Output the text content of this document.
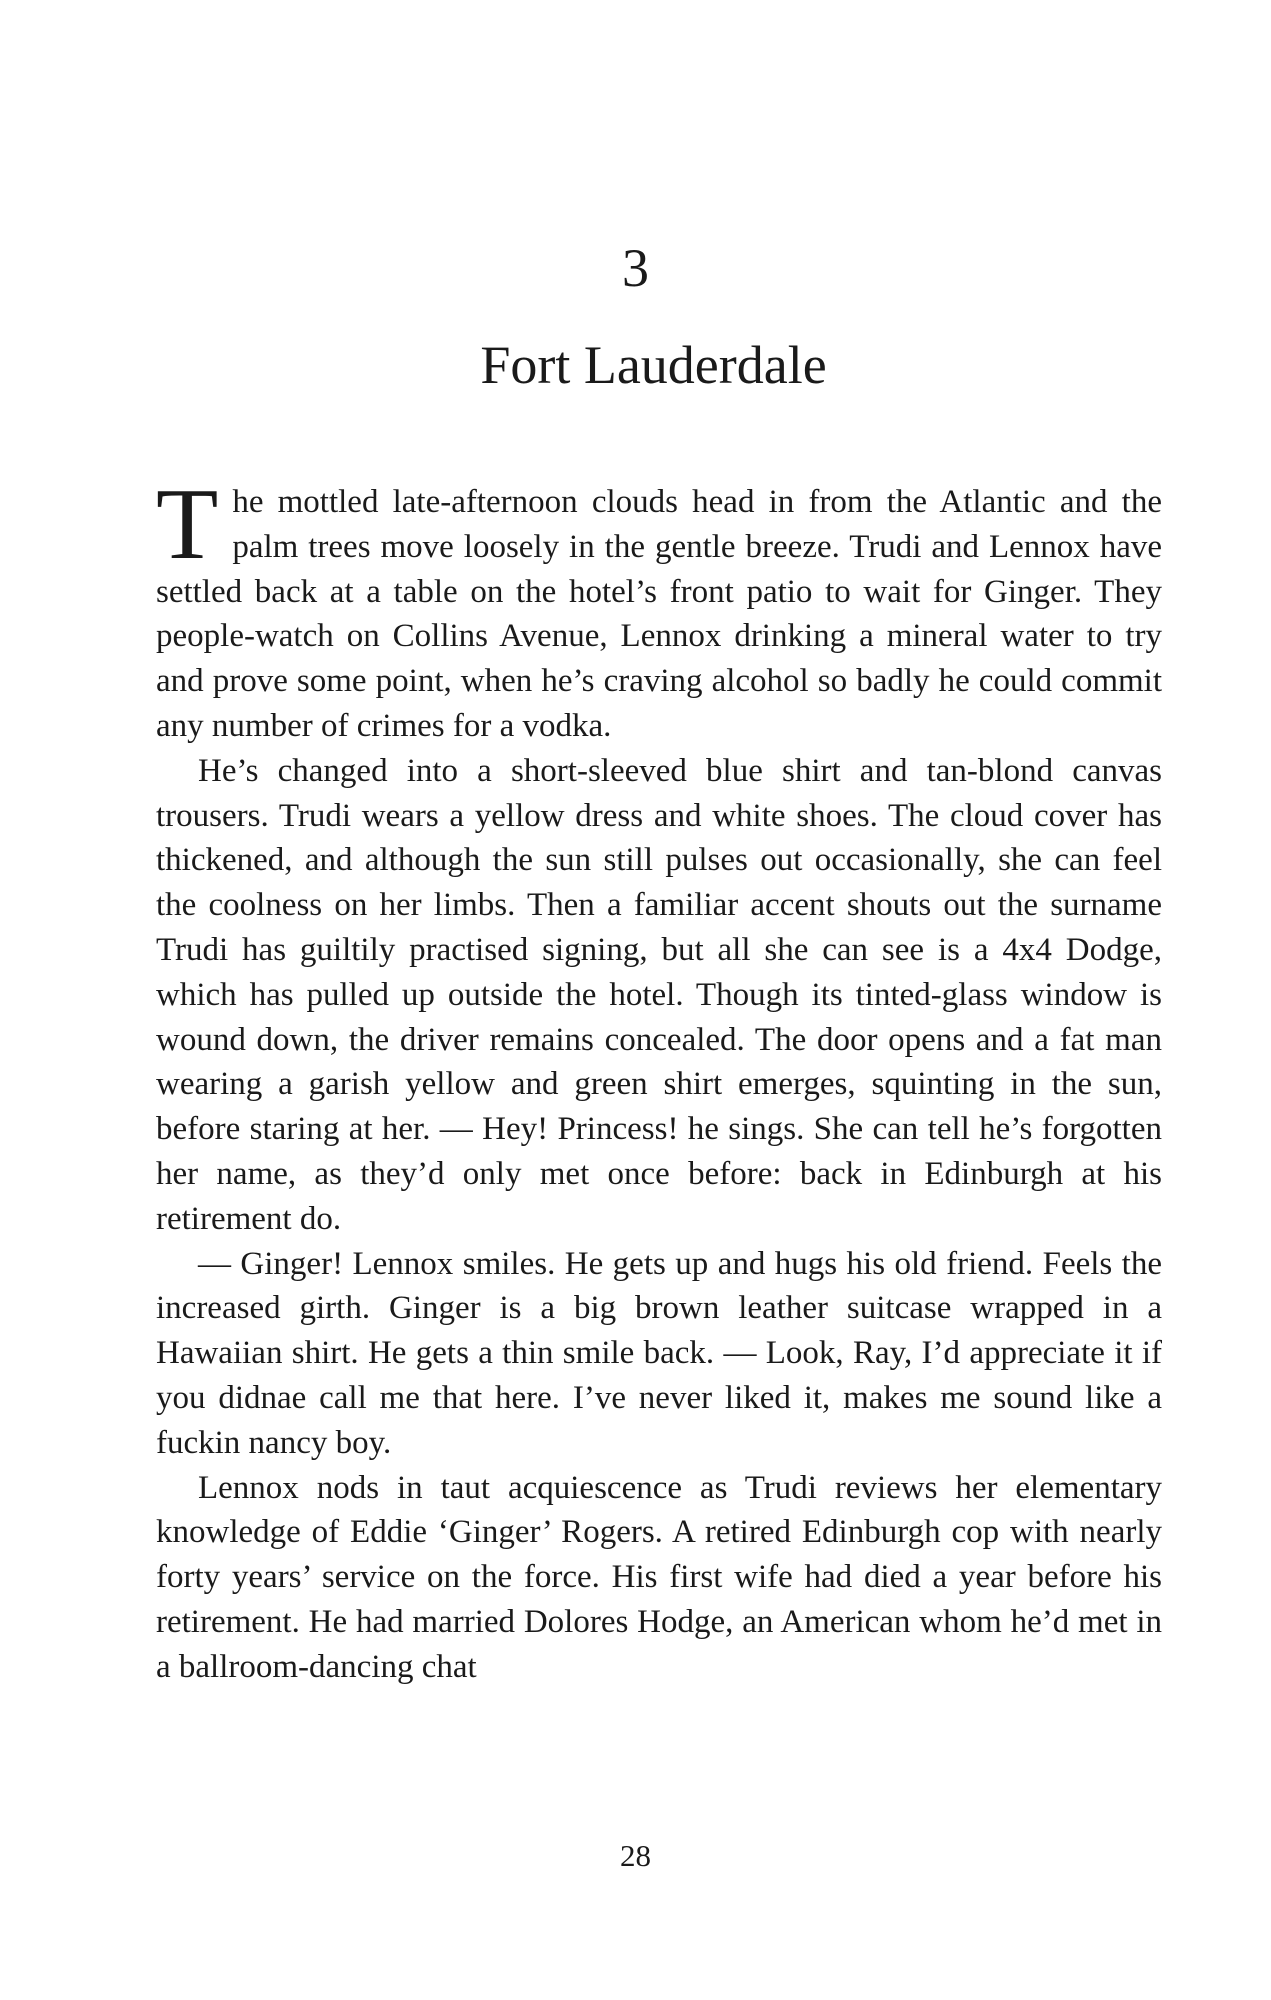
3
Fort Lauderdale

The mottled late-afternoon clouds head in from the Atlantic and the palm trees move loosely in the gentle breeze. Trudi and Lennox have settled back at a table on the hotel’s front patio to wait for Ginger. They people-watch on Collins Avenue, Lennox drinking a mineral water to try and prove some point, when he’s craving alcohol so badly he could commit any number of crimes for a vodka.

He’s changed into a short-sleeved blue shirt and tan-blond canvas trousers. Trudi wears a yellow dress and white shoes. The cloud cover has thickened, and although the sun still pulses out occasionally, she can feel the coolness on her limbs. Then a familiar accent shouts out the surname Trudi has guiltily practised signing, but all she can see is a 4x4 Dodge, which has pulled up outside the hotel. Though its tinted-glass window is wound down, the driver remains concealed. The door opens and a fat man wearing a garish yellow and green shirt emerges, squinting in the sun, before staring at her. — Hey! Princess! he sings. She can tell he’s forgotten her name, as they’d only met once before: back in Edinburgh at his retirement do.

— Ginger! Lennox smiles. He gets up and hugs his old friend. Feels the increased girth. Ginger is a big brown leather suitcase wrapped in a Hawaiian shirt. He gets a thin smile back. — Look, Ray, I’d appreciate it if you didnae call me that here. I’ve never liked it, makes me sound like a fuckin nancy boy.

Lennox nods in taut acquiescence as Trudi reviews her elementary knowledge of Eddie ‘Ginger’ Rogers. A retired Edinburgh cop with nearly forty years’ service on the force. His first wife had died a year before his retirement. He had married Dolores Hodge, an American whom he’d met in a ballroom-dancing chat

28
